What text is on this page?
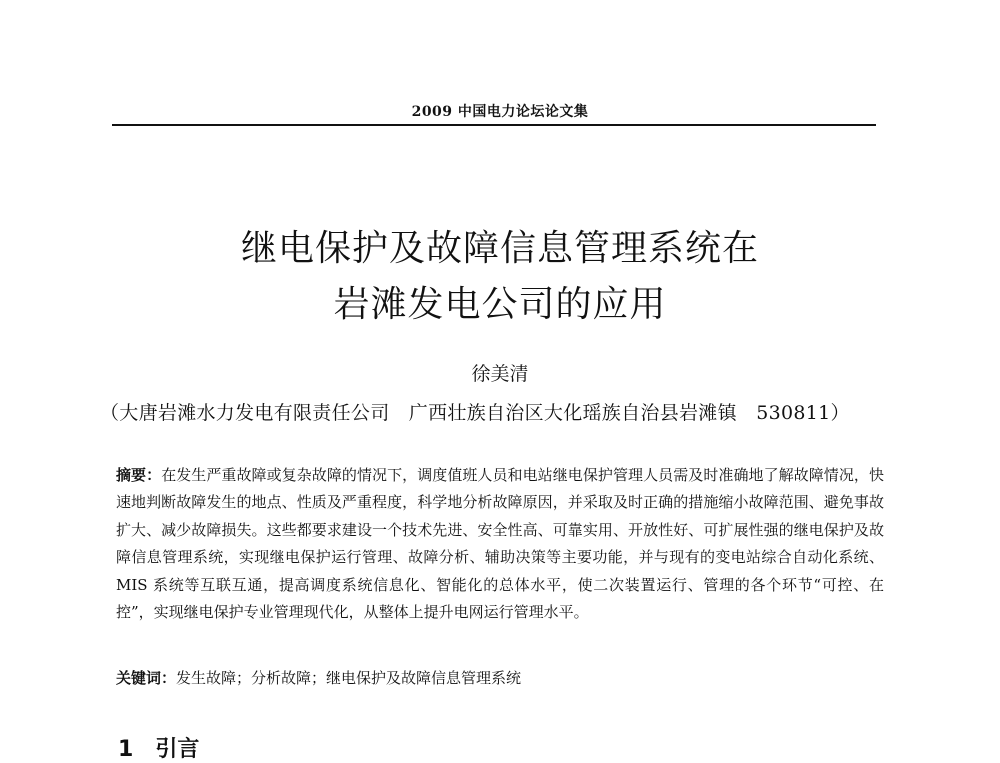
2009 中国电力论坛论文集
继电保护及故障信息管理系统在
岩滩发电公司的应用
徐美清
（大唐岩滩水力发电有限责任公司　广西壮族自治区大化瑶族自治县岩滩镇　530811）

摘要：在发生严重故障或复杂故障的情况下，调度值班人员和电站继电保护管理人员需及时准确地了解故障情况，快速地判断故障发生的地点、性质及严重程度，科学地分析故障原因，并采取及时正确的措施缩小故障范围、避免事故扩大、减少故障损失。这些都要求建设一个技术先进、安全性高、可靠实用、开放性好、可扩展性强的继电保护及故障信息管理系统，实现继电保护运行管理、故障分析、辅助决策等主要功能，并与现有的变电站综合自动化系统、MIS 系统等互联互通，提高调度系统信息化、智能化的总体水平，使二次装置运行、管理的各个环节“可控、在控”，实现继电保护专业管理现代化，从整体上提升电网运行管理水平。

关键词：发生故障；分析故障；继电保护及故障信息管理系统

1 引言
